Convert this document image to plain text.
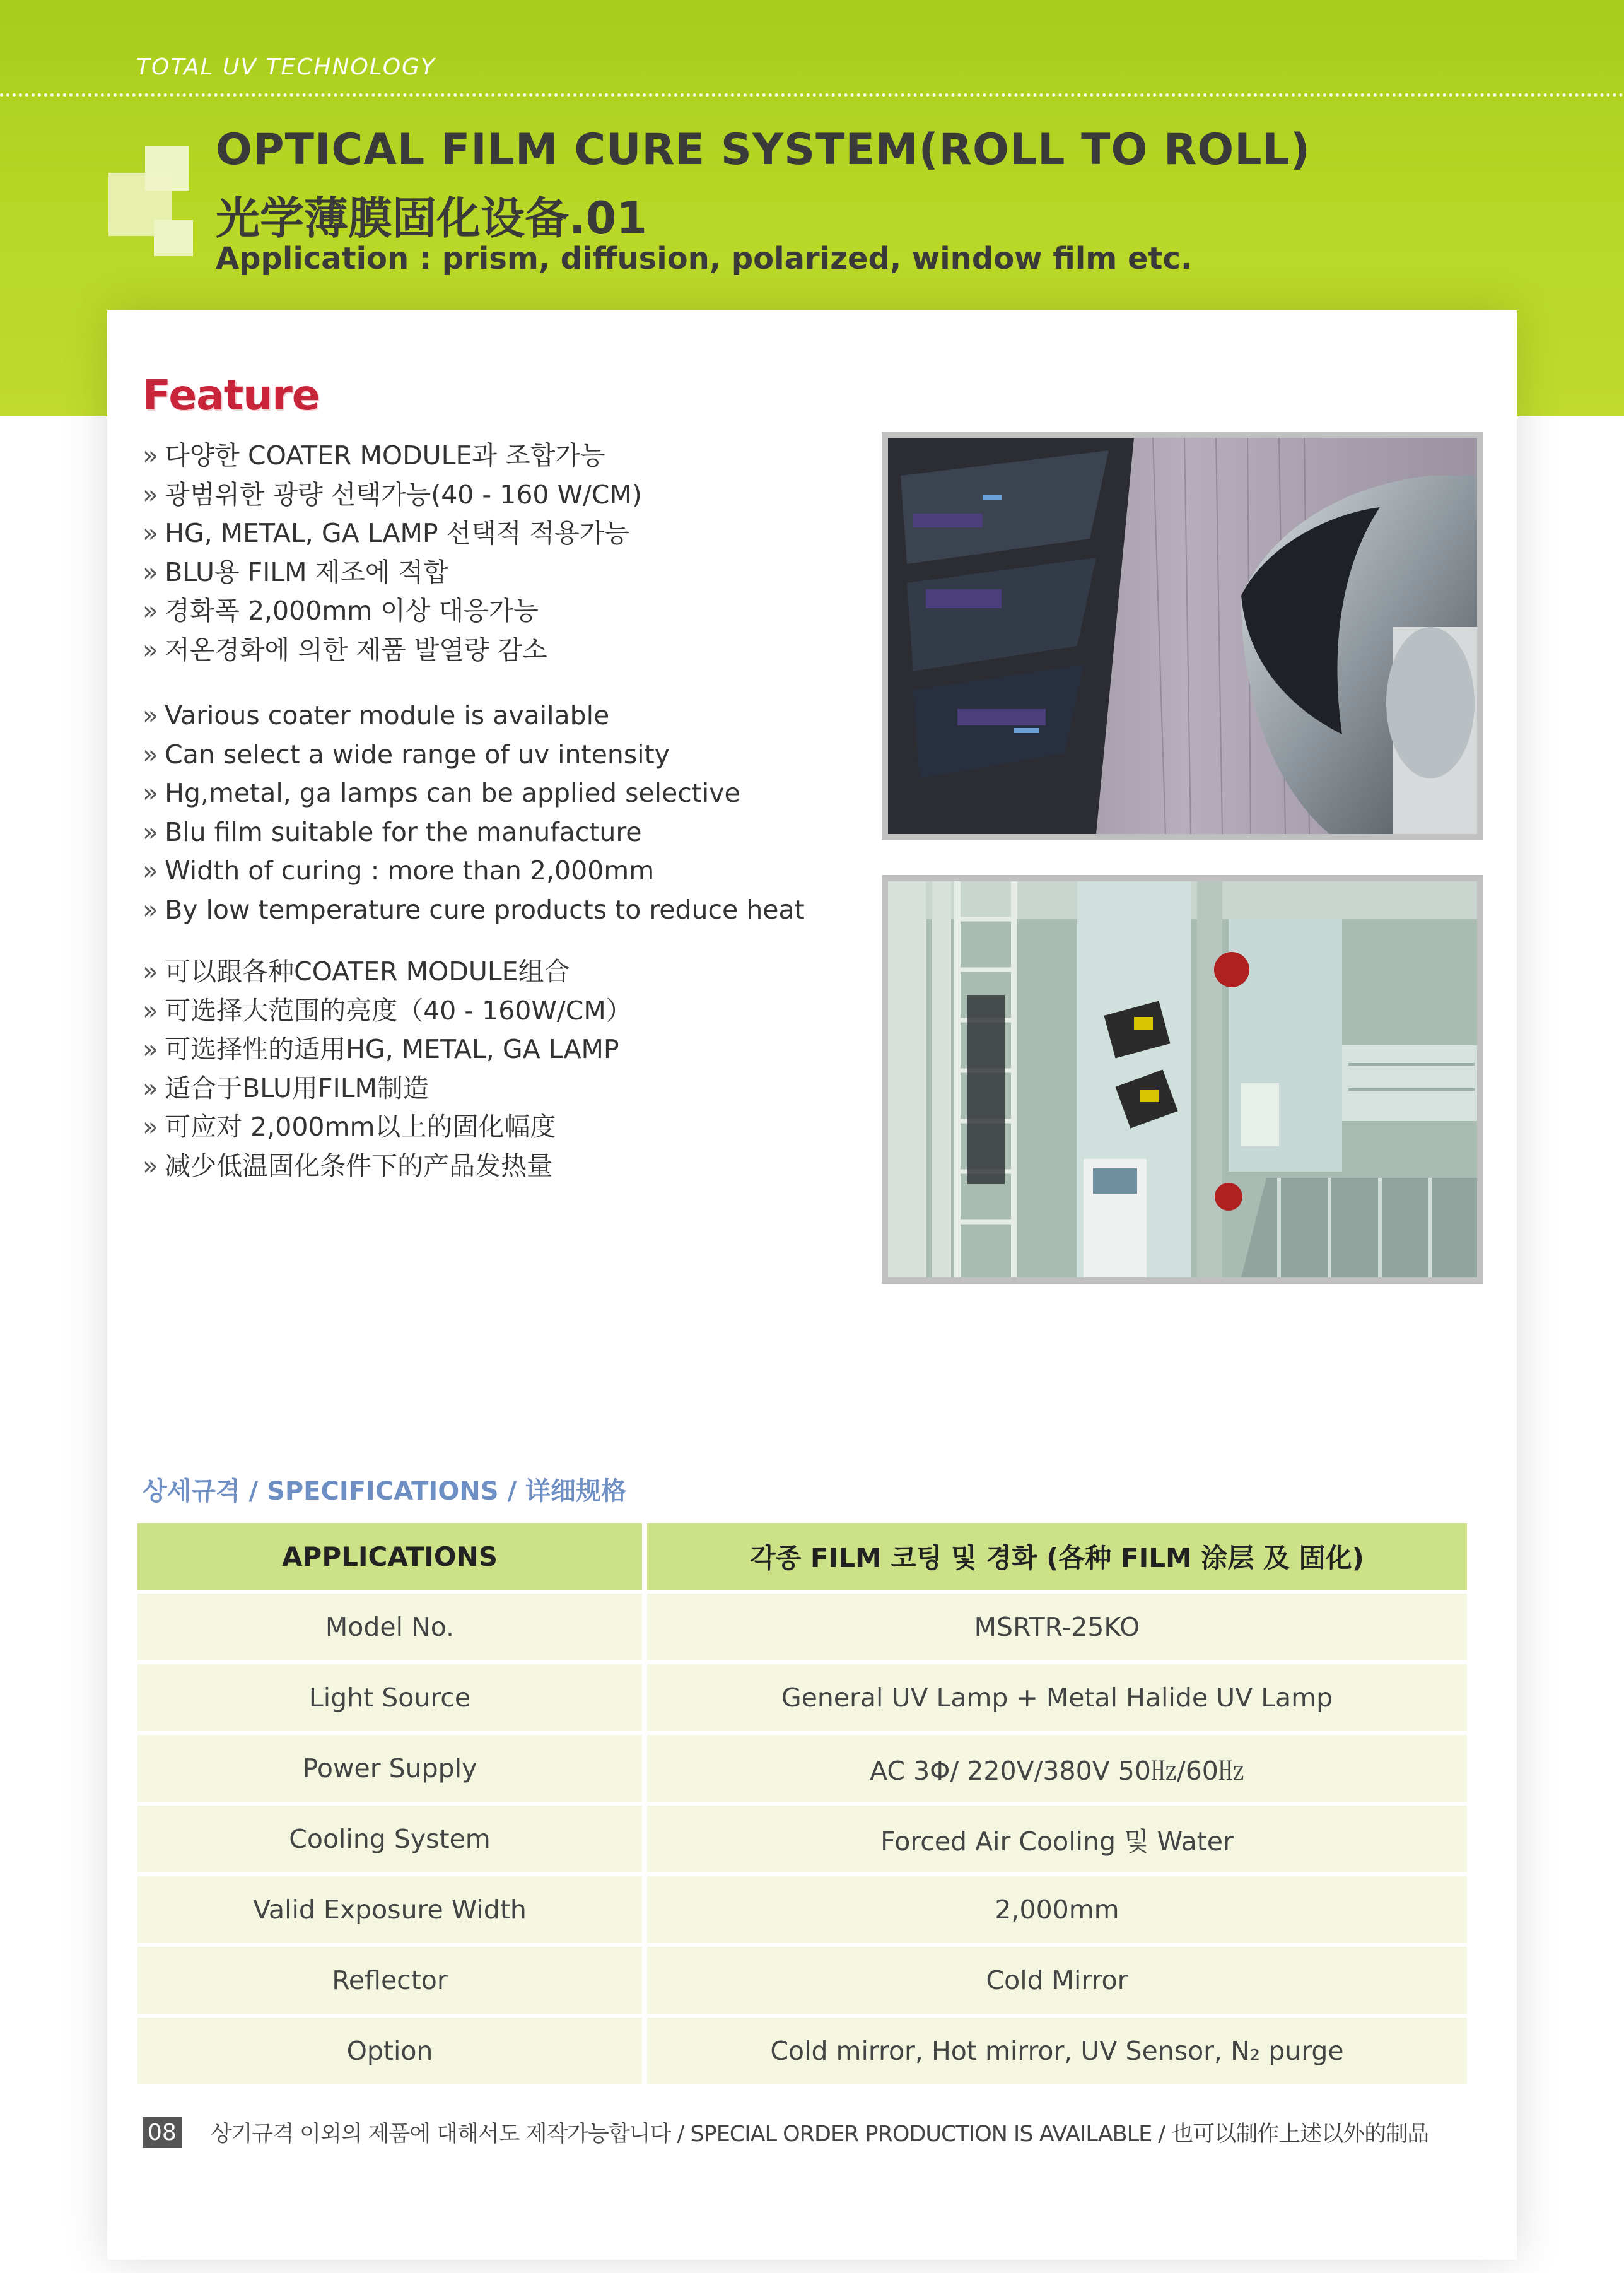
TOTAL UV TECHNOLOGY
OPTICAL FILM CURE SYSTEM(ROLL TO ROLL)
光学薄膜固化设备.01
Application : prism, diffusion, polarized, window film etc.
Feature
» 다양한 COATER MODULE과 조합가능
» 광범위한 광량 선택가능(40 - 160 W/CM)
» HG, METAL, GA LAMP 선택적 적용가능
» BLU용 FILM 제조에 적합
» 경화폭 2,000mm 이상 대응가능
» 저온경화에 의한 제품 발열량 감소
» Various coater module is available
» Can select a wide range of uv intensity
» Hg,metal, ga lamps can be applied selective
» Blu film suitable for the manufacture
» Width of curing : more than 2,000mm
» By low temperature cure products to reduce heat
» 可以跟各种COATER MODULE组合
» 可选择大范围的亮度（40 - 160W/CM）
» 可选择性的适用HG, METAL, GA LAMP
» 适合于BLU用FILM制造
» 可应对 2,000mm以上的固化幅度
» 减少低温固化条件下的产品发热量
상세규격 / SPECIFICATIONS / 详细规格
APPLICATIONS	각종 FILM 코팅 및 경화 (各种 FILM 涂层 及 固化)
Model No.	MSRTR-25KO
Light Source	General UV Lamp + Metal Halide UV Lamp
Power Supply	AC 3Φ/ 220V/380V 50㎐/60㎐
Cooling System	Forced Air Cooling 및 Water
Valid Exposure Width	2,000mm
Reflector	Cold Mirror
Option	Cold mirror, Hot mirror, UV Sensor, N₂ purge
08 상기규격 이외의 제품에 대해서도 제작가능합니다 / SPECIAL ORDER PRODUCTION IS AVAILABLE / 也可以制作上述以外的制品
